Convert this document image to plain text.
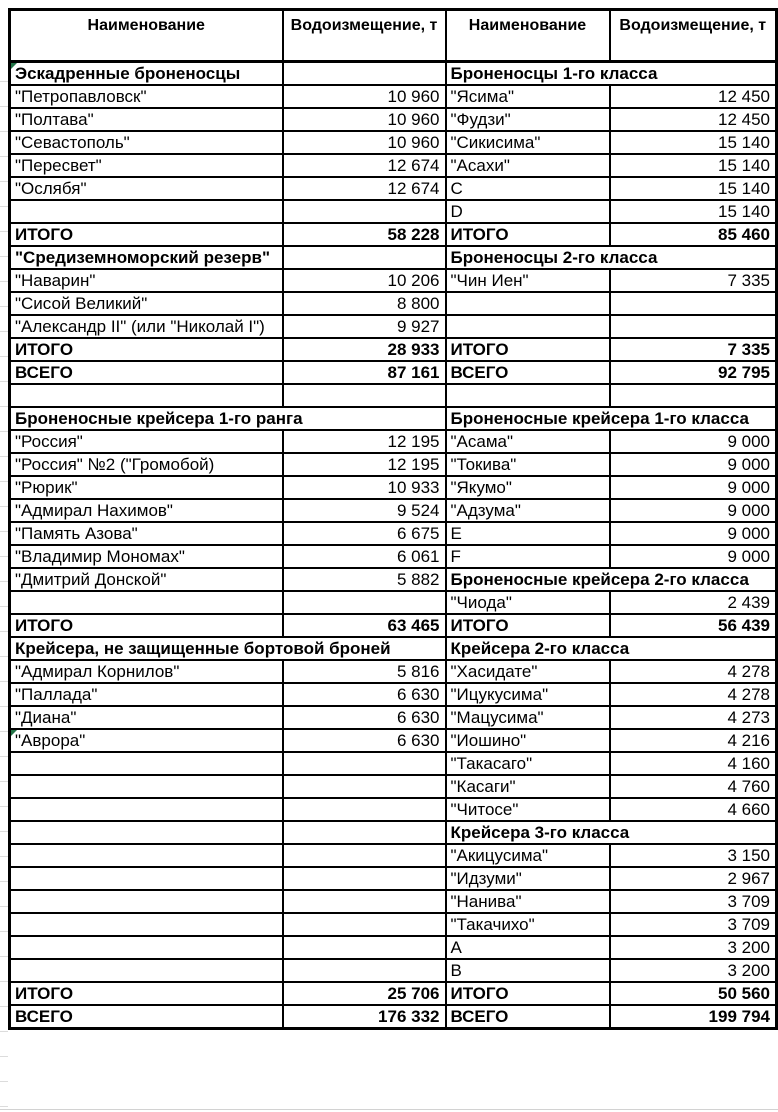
Наименование	Водоизмещение, т	Наименование	Водоизмещение, т
Эскадренные броненосцы		Броненосцы 1-го класса	
"Петропавловск"	10 960	"Ясима"	12 450
"Полтава"	10 960	"Фудзи"	12 450
"Севастополь"	10 960	"Сикисима"	15 140
"Пересвет"	12 674	"Асахи"	15 140
"Ослябя"	12 674	C	15 140
		D	15 140
ИТОГО	58 228	ИТОГО	85 460
"Средиземноморский резерв"		Броненосцы 2-го класса	
"Наварин"	10 206	"Чин Иен"	7 335
"Сисой Великий"	8 800		
"Александр II" (или "Николай I")	9 927		
ИТОГО	28 933	ИТОГО	7 335
ВСЕГО	87 161	ВСЕГО	92 795

Броненосные крейсера 1-го ранга		Броненосные крейсера 1-го класса	
"Россия"	12 195	"Асама"	9 000
"Россия" №2 ("Громобой)	12 195	"Токива"	9 000
"Рюрик"	10 933	"Якумо"	9 000
"Адмирал Нахимов"	9 524	"Адзума"	9 000
"Память Азова"	6 675	E	9 000
"Владимир Мономах"	6 061	F	9 000
"Дмитрий Донской"	5 882	Броненосные крейсера 2-го класса	
		"Чиода"	2 439
ИТОГО	63 465	ИТОГО	56 439
Крейсера, не защищенные бортовой броней		Крейсера 2-го класса	
"Адмирал Корнилов"	5 816	"Хасидате"	4 278
"Паллада"	6 630	"Ицукусима"	4 278
"Диана"	6 630	"Мацусима"	4 273
"Аврора"	6 630	"Иошино"	4 216
		"Такасаго"	4 160
		"Касаги"	4 760
		"Читосе"	4 660
		Крейсера 3-го класса	
		"Акицусима"	3 150
		"Идзуми"	2 967
		"Нанива"	3 709
		"Такачихо"	3 709
		A	3 200
		B	3 200
ИТОГО	25 706	ИТОГО	50 560
ВСЕГО	176 332	ВСЕГО	199 794
